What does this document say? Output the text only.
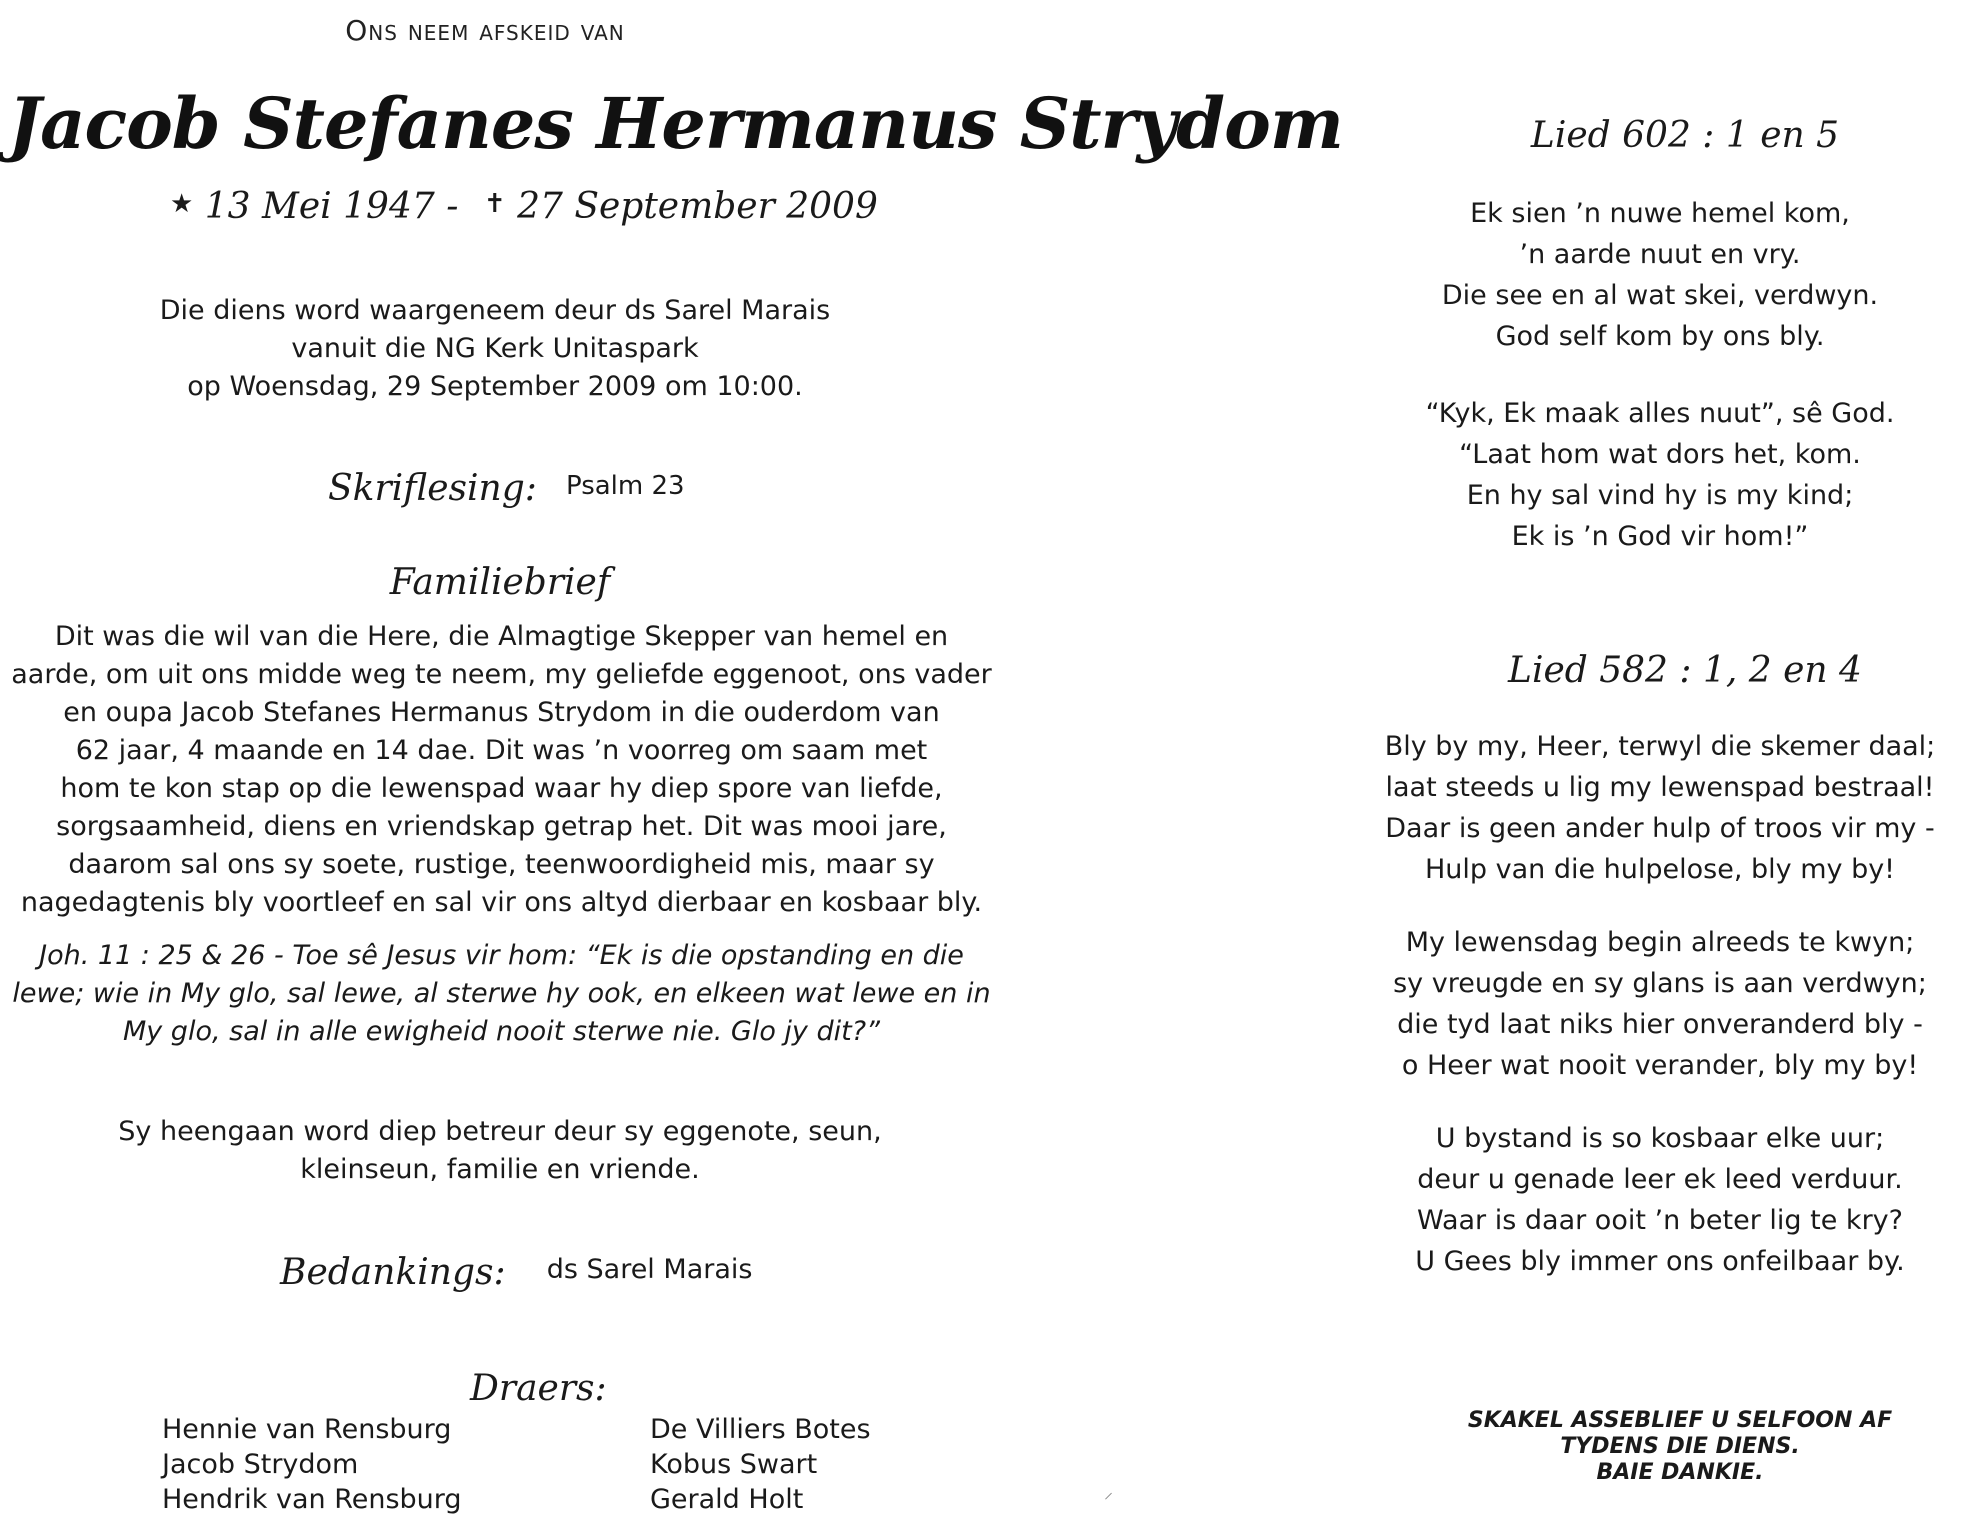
Ons neem afskeid van
Jacob Stefanes Hermanus Strydom
★ 13 Mei 1947 - ✝ 27 September 2009
Die diens word waargeneem deur ds Sarel Marais
vanuit die NG Kerk Unitaspark
op Woensdag, 29 September 2009 om 10:00.
Skriflesing: Psalm 23
Familiebrief
Dit was die wil van die Here, die Almagtige Skepper van hemel en
aarde, om uit ons midde weg te neem, my geliefde eggenoot, ons vader
en oupa Jacob Stefanes Hermanus Strydom in die ouderdom van
62 jaar, 4 maande en 14 dae. Dit was ’n voorreg om saam met
hom te kon stap op die lewenspad waar hy diep spore van liefde,
sorgsaamheid, diens en vriendskap getrap het. Dit was mooi jare,
daarom sal ons sy soete, rustige, teenwoordigheid mis, maar sy
nagedagtenis bly voortleef en sal vir ons altyd dierbaar en kosbaar bly.
Joh. 11 : 25 & 26 - Toe sê Jesus vir hom: “Ek is die opstanding en die
lewe; wie in My glo, sal lewe, al sterwe hy ook, en elkeen wat lewe en in
My glo, sal in alle ewigheid nooit sterwe nie. Glo jy dit?”
Sy heengaan word diep betreur deur sy eggenote, seun,
kleinseun, familie en vriende.
Bedankings: ds Sarel Marais
Draers:
Hennie van Rensburg
Jacob Strydom
Hendrik van Rensburg
De Villiers Botes
Kobus Swart
Gerald Holt	⸝
Lied 602 : 1 en 5
Ek sien ’n nuwe hemel kom,
’n aarde nuut en vry.
Die see en al wat skei, verdwyn.
God self kom by ons bly.
“Kyk, Ek maak alles nuut”, sê God.
“Laat hom wat dors het, kom.
En hy sal vind hy is my kind;
Ek is ’n God vir hom!”
Lied 582 : 1, 2 en 4
Bly by my, Heer, terwyl die skemer daal;
laat steeds u lig my lewenspad bestraal!
Daar is geen ander hulp of troos vir my -
Hulp van die hulpelose, bly my by!
My lewensdag begin alreeds te kwyn;
sy vreugde en sy glans is aan verdwyn;
die tyd laat niks hier onveranderd bly -
o Heer wat nooit verander, bly my by!
U bystand is so kosbaar elke uur;
deur u genade leer ek leed verduur.
Waar is daar ooit ’n beter lig te kry?
U Gees bly immer ons onfeilbaar by.
SKAKEL ASSEBLIEF U SELFOON AF
TYDENS DIE DIENS.
BAIE DANKIE.
